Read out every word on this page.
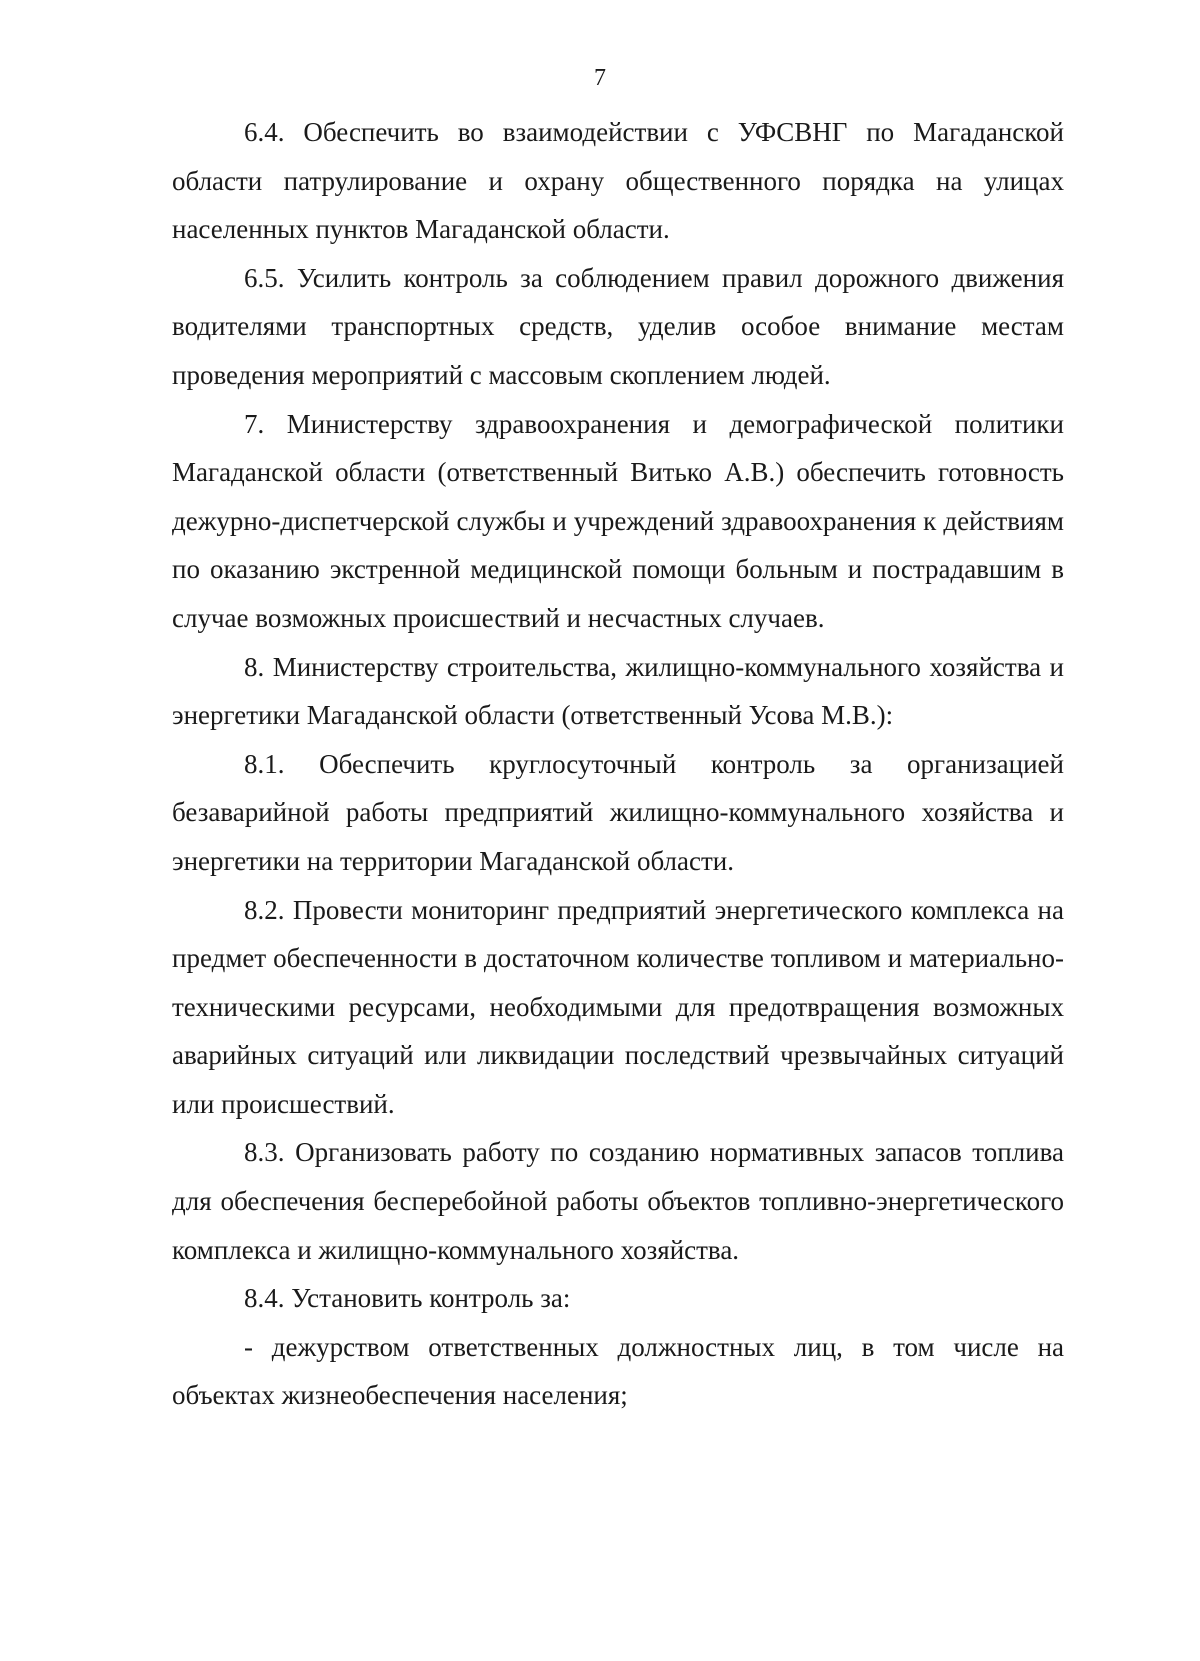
7

6.4. Обеспечить во взаимодействии с УФСВНГ по Магаданской области патрулирование и охрану общественного порядка на улицах населенных пунктов Магаданской области.

6.5. Усилить контроль за соблюдением правил дорожного движения водителями транспортных средств, уделив особое внимание местам проведения мероприятий с массовым скоплением людей.

7. Министерству здравоохранения и демографической политики Магаданской области (ответственный Витько А.В.) обеспечить готовность дежурно-диспетчерской службы и учреждений здравоохранения к действиям по оказанию экстренной медицинской помощи больным и пострадавшим в случае возможных происшествий и несчастных случаев.

8. Министерству строительства, жилищно-коммунального хозяйства и энергетики Магаданской области (ответственный Усова М.В.):

8.1. Обеспечить круглосуточный контроль за организацией безаварийной работы предприятий жилищно-коммунального хозяйства и энергетики на территории Магаданской области.

8.2. Провести мониторинг предприятий энергетического комплекса на предмет обеспеченности в достаточном количестве топливом и материально-техническими ресурсами, необходимыми для предотвращения возможных аварийных ситуаций или ликвидации последствий чрезвычайных ситуаций или происшествий.

8.3. Организовать работу по созданию нормативных запасов топлива для обеспечения бесперебойной работы объектов топливно-энергетического комплекса и жилищно-коммунального хозяйства.

8.4. Установить контроль за:

- дежурством ответственных должностных лиц, в том числе на объектах жизнеобеспечения населения;
